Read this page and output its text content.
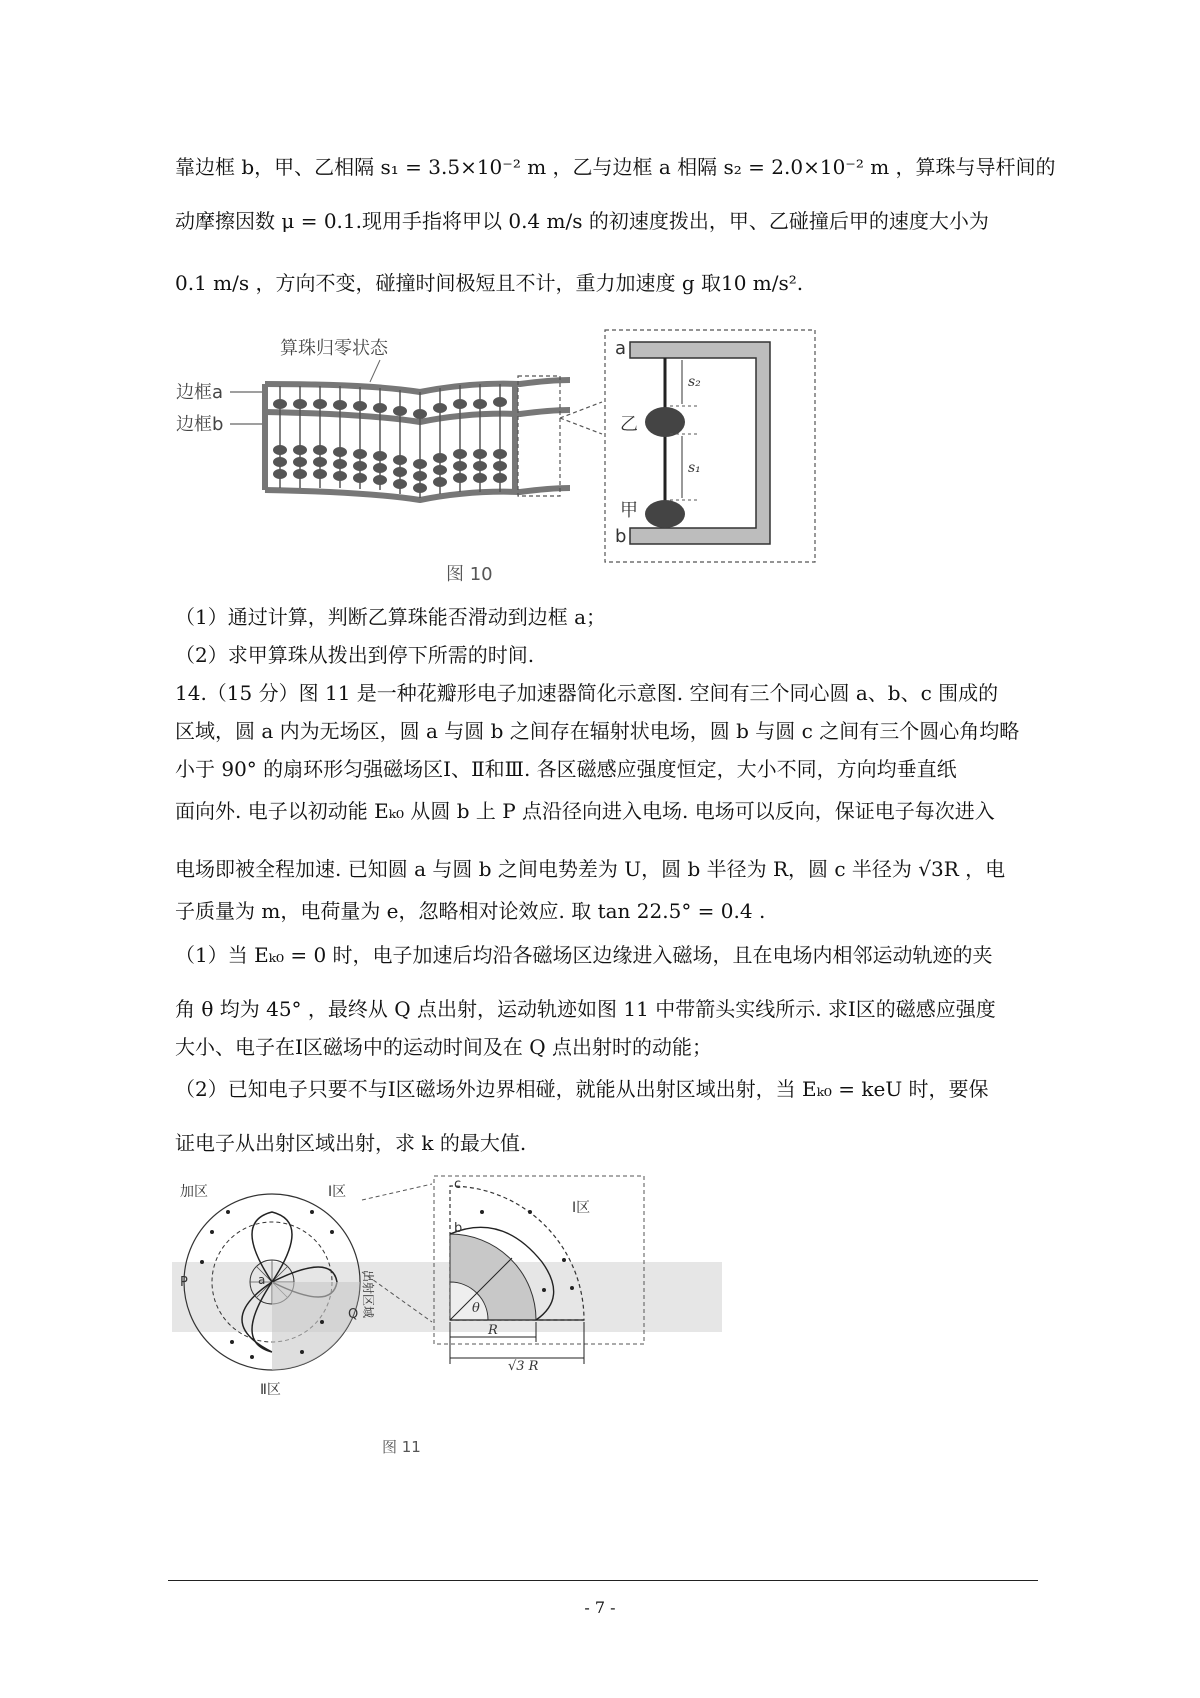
靠边框 b，甲、乙相隔 s₁ = 3.5×10⁻² m ，乙与边框 a 相隔 s₂ = 2.0×10⁻² m ，算珠与导杆间的
动摩擦因数 μ = 0.1.现用手指将甲以 0.4 m/s 的初速度拨出，甲、乙碰撞后甲的速度大小为
0.1 m/s ，方向不变，碰撞时间极短且不计，重力加速度 g 取10 m/s².
算珠归零状态
边框a
边框b
a
b
乙
甲
s₂
s₁
图 10
（1）通过计算，判断乙算珠能否滑动到边框 a；
（2）求甲算珠从拨出到停下所需的时间.
14.（15 分）图 11 是一种花瓣形电子加速器简化示意图. 空间有三个同心圆 a、b、c 围成的
区域，圆 a 内为无场区，圆 a 与圆 b 之间存在辐射状电场，圆 b 与圆 c 之间有三个圆心角均略
小于 90° 的扇环形匀强磁场区Ⅰ、Ⅱ和Ⅲ. 各区磁感应强度恒定，大小不同，方向均垂直纸
面向外. 电子以初动能 Eₖ₀ 从圆 b 上 P 点沿径向进入电场. 电场可以反向，保证电子每次进入
电场即被全程加速. 已知圆 a 与圆 b 之间电势差为 U，圆 b 半径为 R，圆 c 半径为 √3R ，电
子质量为 m，电荷量为 e，忽略相对论效应. 取 tan 22.5° = 0.4 .
（1）当 Eₖ₀ = 0 时，电子加速后均沿各磁场区边缘进入磁场，且在电场内相邻运动轨迹的夹
角 θ 均为 45° ，最终从 Q 点出射，运动轨迹如图 11 中带箭头实线所示. 求Ⅰ区的磁感应强度
大小、电子在Ⅰ区磁场中的运动时间及在 Q 点出射时的动能；
（2）已知电子只要不与Ⅰ区磁场外边界相碰，就能从出射区域出射，当 Eₖ₀ = keU 时，要保
证电子从出射区域出射，求 k 的最大值.
加区	Ⅰ区
Ⅱ区
出射区域
P
Q
c
b
a
Ⅰ区
θ
R
√3 R
图 11
- 7 -
